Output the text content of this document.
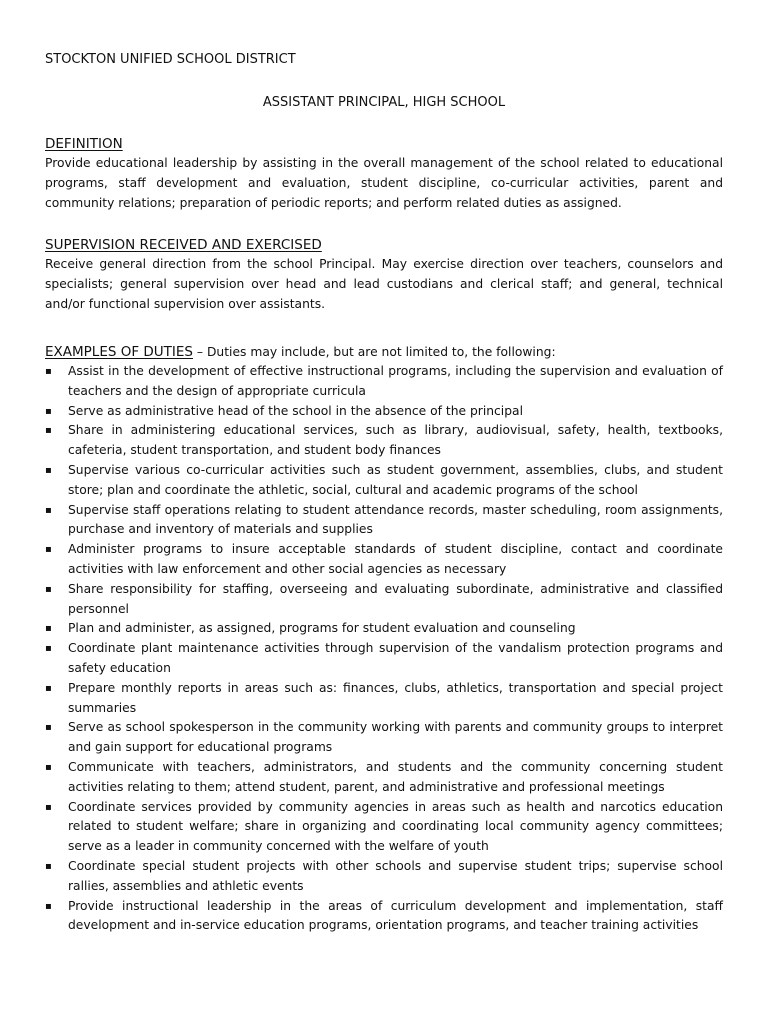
STOCKTON UNIFIED SCHOOL DISTRICT
ASSISTANT PRINCIPAL, HIGH SCHOOL
DEFINITION
Provide educational leadership by assisting in the overall management of the school related to educational programs, staff development and evaluation, student discipline, co-curricular activities, parent and community relations; preparation of periodic reports; and perform related duties as assigned.
SUPERVISION RECEIVED AND EXERCISED
Receive general direction from the school Principal. May exercise direction over teachers, counselors and specialists; general supervision over head and lead custodians and clerical staff; and general, technical and/or functional supervision over assistants.
EXAMPLES OF DUTIES – Duties may include, but are not limited to, the following:
▪ Assist in the development of effective instructional programs, including the supervision and evaluation of teachers and the design of appropriate curricula
▪ Serve as administrative head of the school in the absence of the principal
▪ Share in administering educational services, such as library, audiovisual, safety, health, textbooks, cafeteria, student transportation, and student body finances
▪ Supervise various co-curricular activities such as student government, assemblies, clubs, and student store; plan and coordinate the athletic, social, cultural and academic programs of the school
▪ Supervise staff operations relating to student attendance records, master scheduling, room assignments, purchase and inventory of materials and supplies
▪ Administer programs to insure acceptable standards of student discipline, contact and coordinate activities with law enforcement and other social agencies as necessary
▪ Share responsibility for staffing, overseeing and evaluating subordinate, administrative and classified personnel
▪ Plan and administer, as assigned, programs for student evaluation and counseling
▪ Coordinate plant maintenance activities through supervision of the vandalism protection programs and safety education
▪ Prepare monthly reports in areas such as: finances, clubs, athletics, transportation and special project summaries
▪ Serve as school spokesperson in the community working with parents and community groups to interpret and gain support for educational programs
▪ Communicate with teachers, administrators, and students and the community concerning student activities relating to them; attend student, parent, and administrative and professional meetings
▪ Coordinate services provided by community agencies in areas such as health and narcotics education related to student welfare; share in organizing and coordinating local community agency committees; serve as a leader in community concerned with the welfare of youth
▪ Coordinate special student projects with other schools and supervise student trips; supervise school rallies, assemblies and athletic events
▪ Provide instructional leadership in the areas of curriculum development and implementation, staff development and in-service education programs, orientation programs, and teacher training activities
